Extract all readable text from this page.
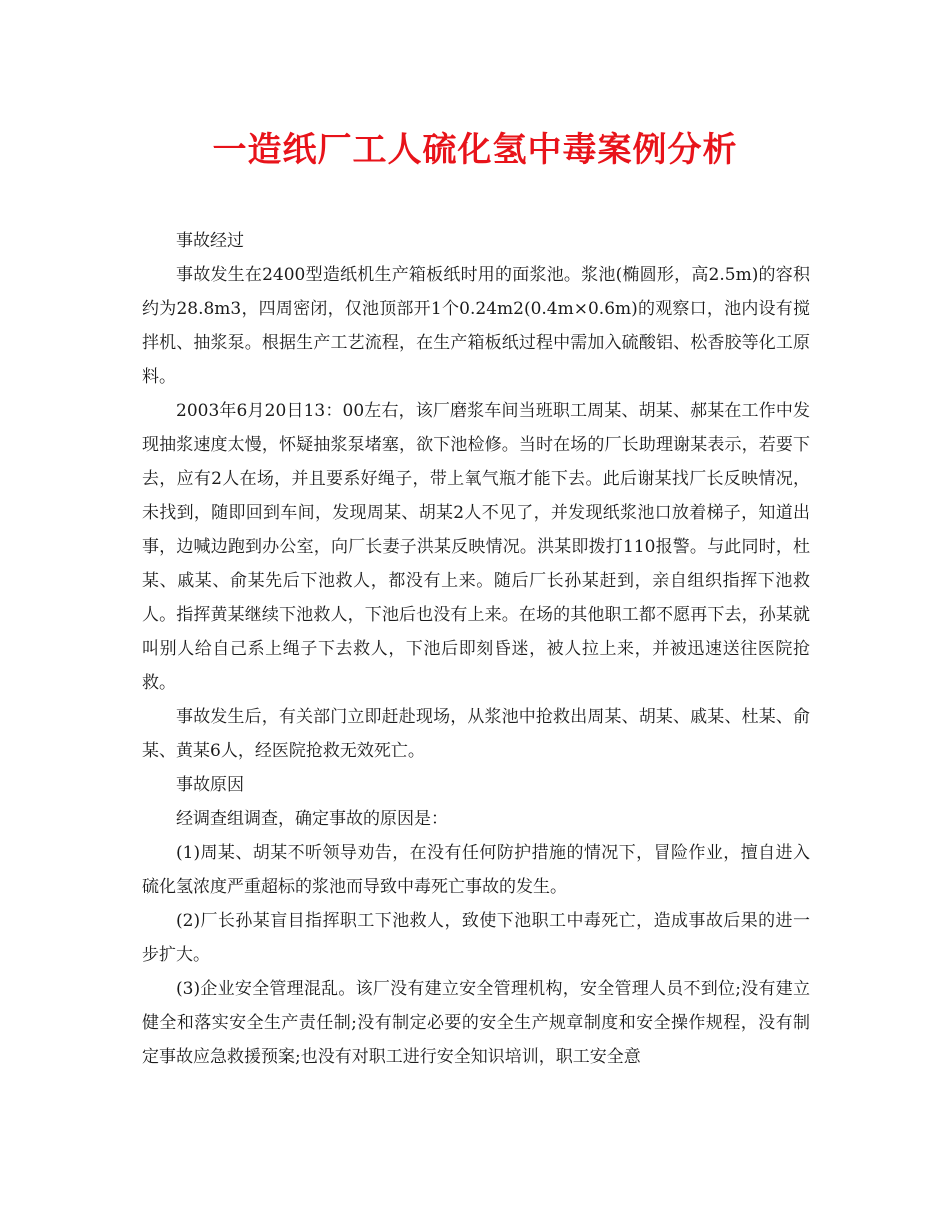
一造纸厂工人硫化氢中毒案例分析

事故经过

事故发生在2400型造纸机生产箱板纸时用的面浆池。浆池(椭圆形，高2.5m)的容积约为28.8m3，四周密闭，仅池顶部开1个0.24m2(0.4m×0.6m)的观察口，池内设有搅拌机、抽浆泵。根据生产工艺流程，在生产箱板纸过程中需加入硫酸铝、松香胶等化工原料。

2003年6月20日13：00左右，该厂磨浆车间当班职工周某、胡某、郝某在工作中发现抽浆速度太慢，怀疑抽浆泵堵塞，欲下池检修。当时在场的厂长助理谢某表示，若要下去，应有2人在场，并且要系好绳子，带上氧气瓶才能下去。此后谢某找厂长反映情况，未找到，随即回到车间，发现周某、胡某2人不见了，并发现纸浆池口放着梯子，知道出事，边喊边跑到办公室，向厂长妻子洪某反映情况。洪某即拨打110报警。与此同时，杜某、戚某、俞某先后下池救人，都没有上来。随后厂长孙某赶到，亲自组织指挥下池救人。指挥黄某继续下池救人，下池后也没有上来。在场的其他职工都不愿再下去，孙某就叫别人给自己系上绳子下去救人，下池后即刻昏迷，被人拉上来，并被迅速送往医院抢救。

事故发生后，有关部门立即赶赴现场，从浆池中抢救出周某、胡某、戚某、杜某、俞某、黄某6人，经医院抢救无效死亡。

事故原因

经调查组调查，确定事故的原因是：

(1)周某、胡某不听领导劝告，在没有任何防护措施的情况下，冒险作业，擅自进入硫化氢浓度严重超标的浆池而导致中毒死亡事故的发生。

(2)厂长孙某盲目指挥职工下池救人，致使下池职工中毒死亡，造成事故后果的进一步扩大。

(3)企业安全管理混乱。该厂没有建立安全管理机构，安全管理人员不到位;没有建立健全和落实安全生产责任制;没有制定必要的安全生产规章制度和安全操作规程，没有制定事故应急救援预案;也没有对职工进行安全知识培训，职工安全意
